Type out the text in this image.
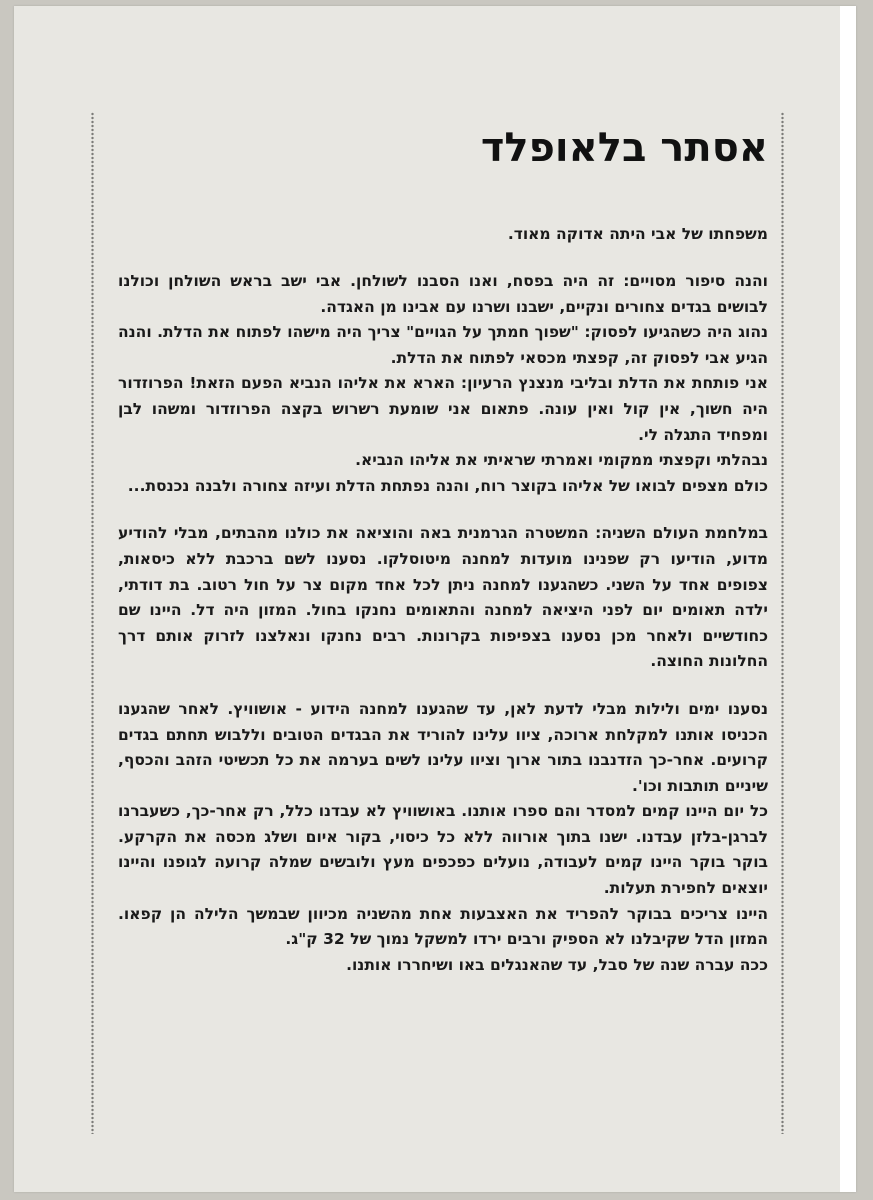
אסתר בלאופלד

משפחתו של אבי היתה אדוקה מאוד.

והנה סיפור מסויים: זה היה בפסח, ואנו הסבנו לשולחן. אבי ישב בראש השולחן וכולנו לבושים בגדים צחורים ונקיים, ישבנו ושרנו עם אבינו מן האגדה.

נהוג היה כשהגיעו לפסוק: "שפוך חמתך על הגויים" צריך היה מישהו לפתוח את הדלת. והנה הגיע אבי לפסוק זה, קפצתי מכסאי לפתוח את הדלת.

אני פותחת את הדלת ובליבי מנצנץ הרעיון: הארא את אליהו הנביא הפעם הזאת! הפרוזדור היה חשוך, אין קול ואין עונה. פתאום אני שומעת רשרוש בקצה הפרוזדור ומשהו לבן ומפחיד התגלה לי.

נבהלתי וקפצתי ממקומי ואמרתי שראיתי את אליהו הנביא.

כולם מצפים לבואו של אליהו בקוצר רוח, והנה נפתחת הדלת ועיזה צחורה ולבנה נכנסת...

במלחמת העולם השניה: המשטרה הגרמנית באה והוציאה את כולנו מהבתים, מבלי להודיע מדוע, הודיעו רק שפנינו מועדות למחנה מיטוסלקו. נסענו לשם ברכבת ללא כיסאות, צפופים אחד על השני. כשהגענו למחנה ניתן לכל אחד מקום צר על חול רטוב. בת דודתי, ילדה תאומים יום לפני היציאה למחנה והתאומים נחנקו בחול. המזון היה דל. היינו שם כחודשיים ולאחר מכן נסענו בצפיפות בקרונות. רבים נחנקו ונאלצנו לזרוק אותם דרך החלונות החוצה.

נסענו ימים ולילות מבלי לדעת לאן, עד שהגענו למחנה הידוע - אושוויץ. לאחר שהגענו הכניסו אותנו למקלחת ארוכה, ציוו עלינו להוריד את הבגדים הטובים וללבוש תחתם בגדים קרועים. אחר-כך הזדנבנו בתור ארוך וציוו עלינו לשים בערמה את כל תכשיטי הזהב והכסף, שיניים תותבות וכו'.

כל יום היינו קמים למסדר והם ספרו אותנו. באושוויץ לא עבדנו כלל, רק אחר-כך, כשעברנו לברגן-בלזן עבדנו. ישנו בתוך אורווה ללא כל כיסוי, בקור איום ושלג מכסה את הקרקע. בוקר בוקר היינו קמים לעבודה, נועלים כפכפים מעץ ולובשים שמלה קרועה לגופנו והיינו יוצאים לחפירת תעלות.

היינו צריכים בבוקר להפריד את האצבעות אחת מהשניה מכיוון שבמשך הלילה הן קפאו. המזון הדל שקיבלנו לא הספיק ורבים ירדו למשקל נמוך של 32 ק"ג.

ככה עברה שנה של סבל, עד שהאנגלים באו ושיחררו אותנו.
